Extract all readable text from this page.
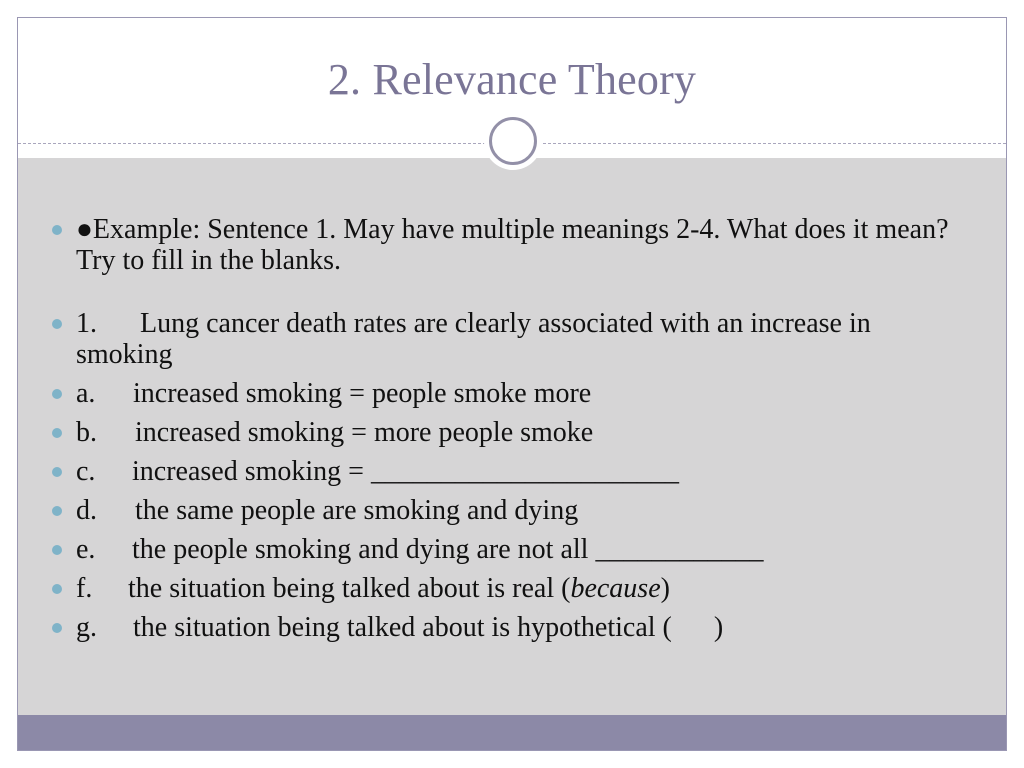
2. Relevance Theory
●Example: Sentence 1. May have multiple meanings 2-4. What does it mean? Try to fill in the blanks.
1. Lung cancer death rates are clearly associated with an increase in smoking
a. increased smoking = people smoke more
b. increased smoking = more people smoke
c. increased smoking = ______________________
d. the same people are smoking and dying
e. the people smoking and dying are not all ____________
f. the situation being talked about is real (because)
g. the situation being talked about is hypothetical (      )
